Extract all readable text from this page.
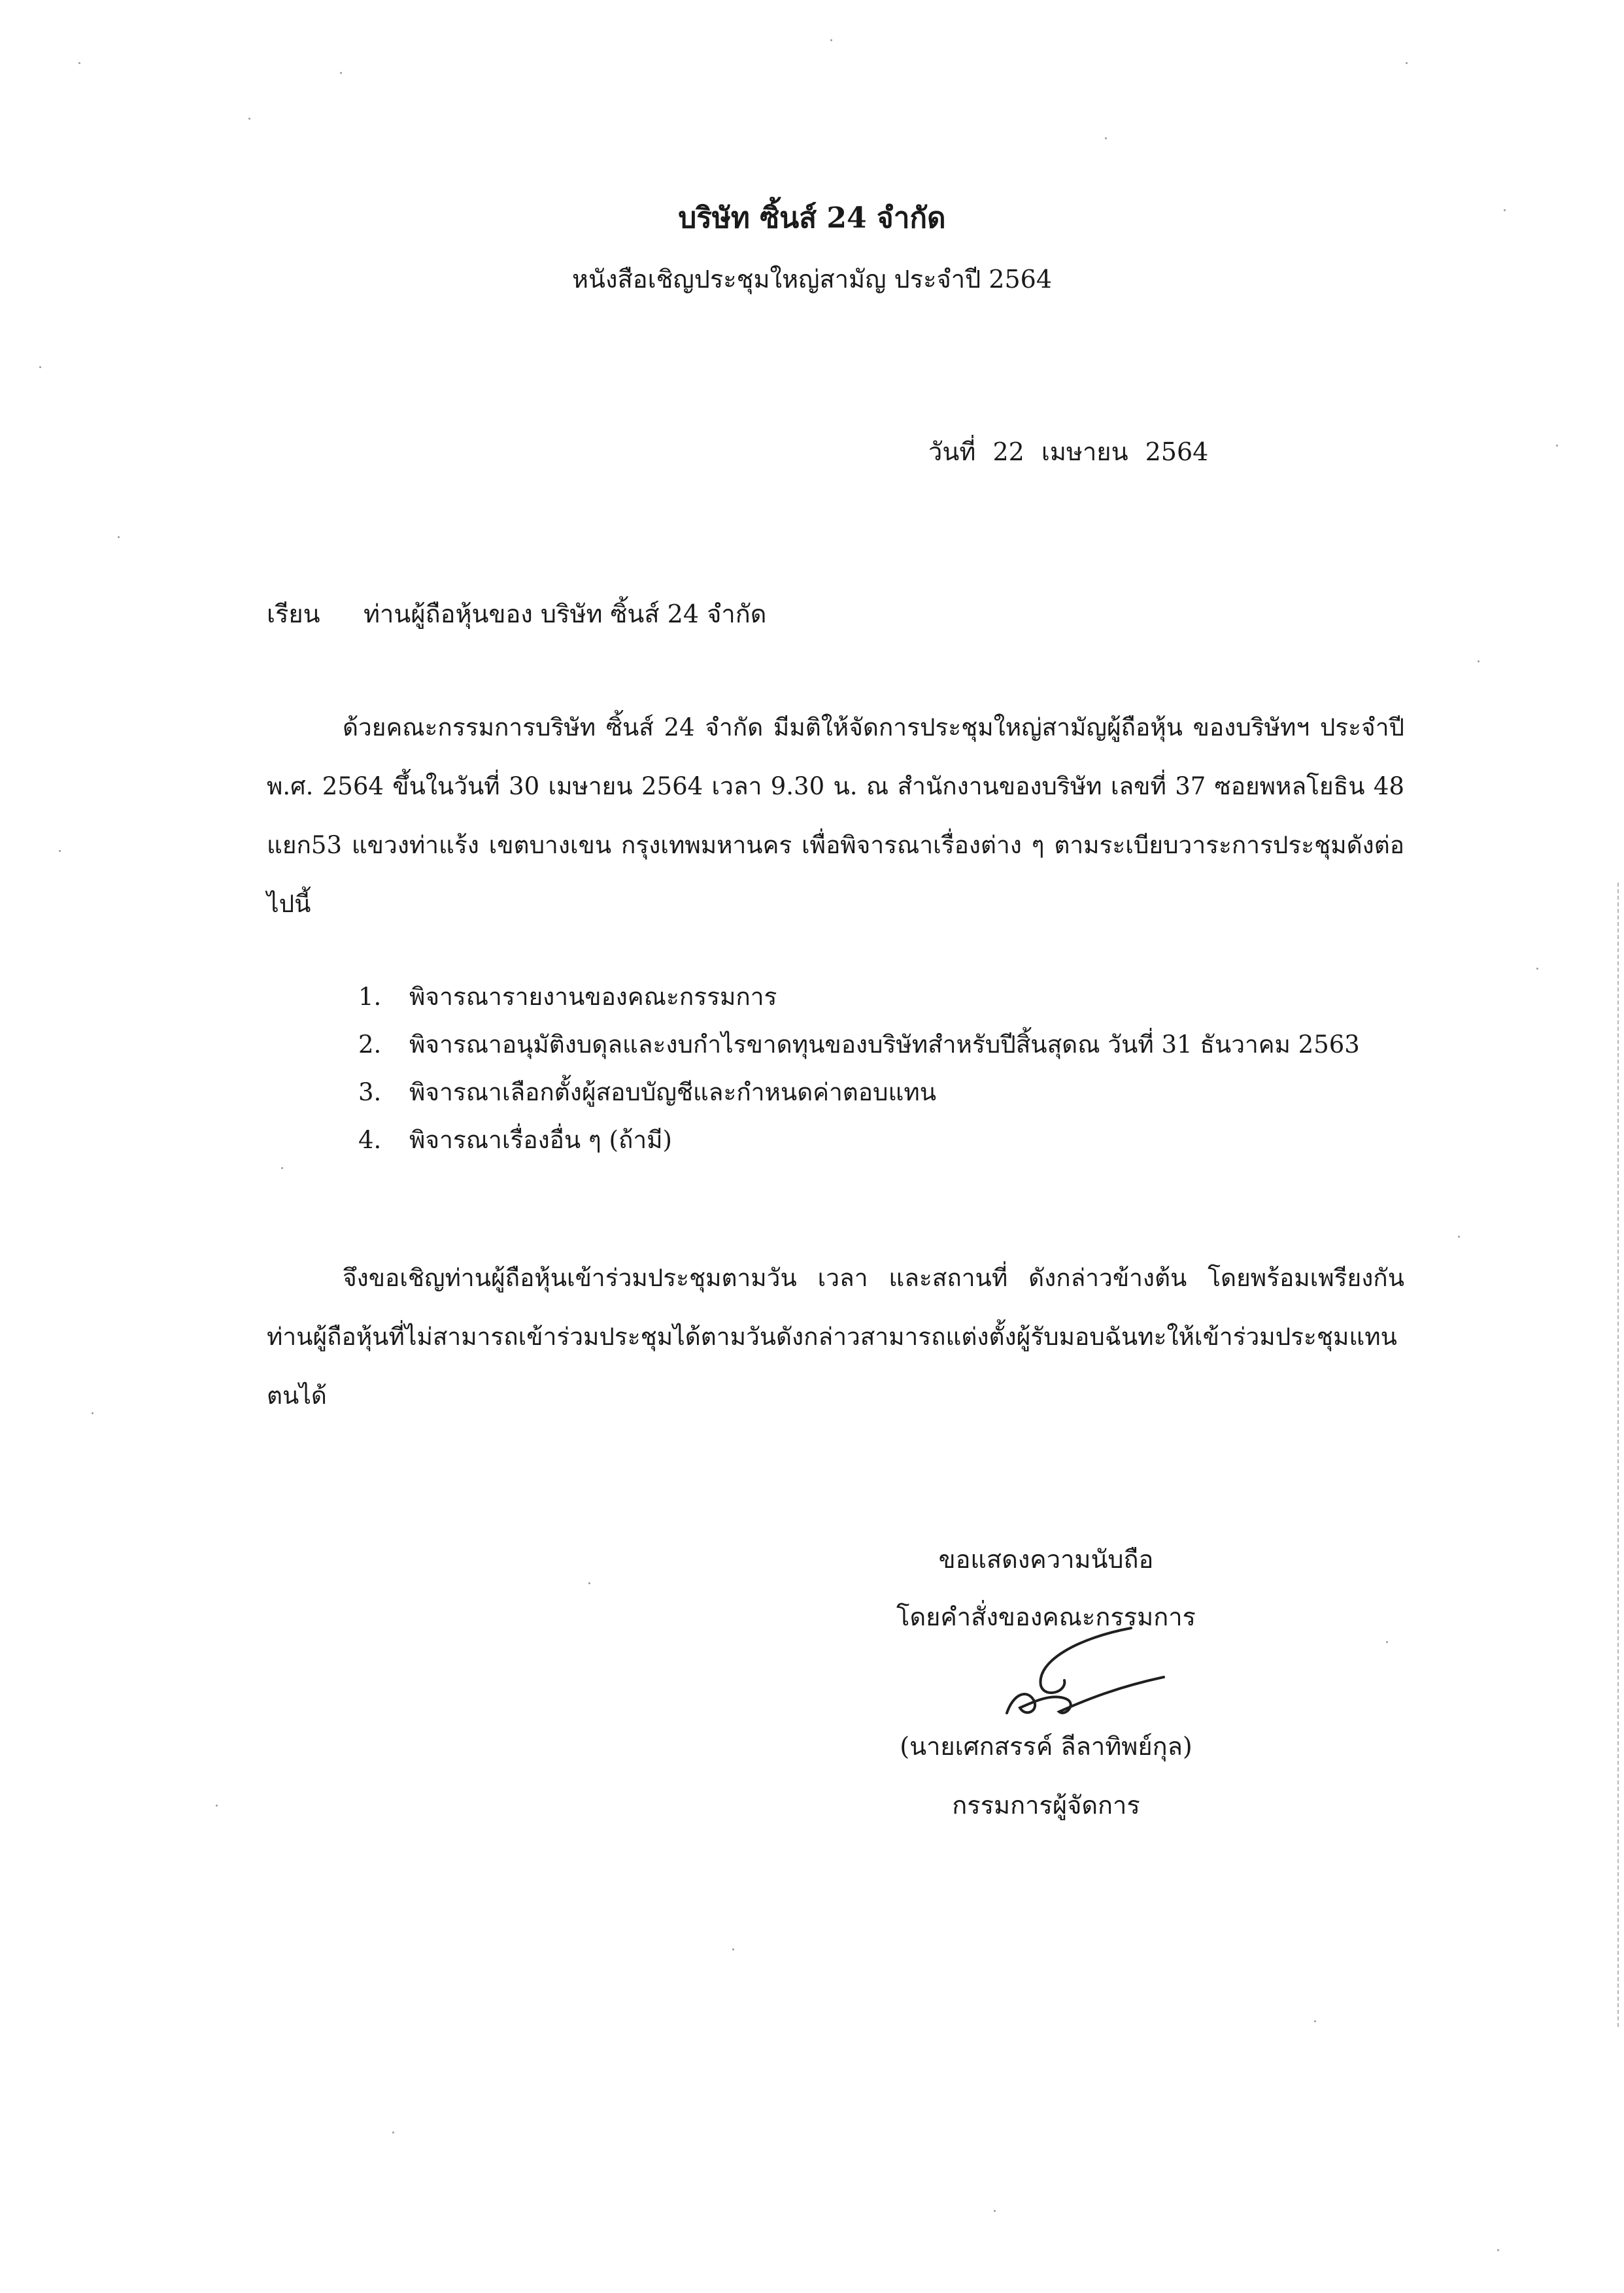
บริษัท ซิ้นส์ 24 จำกัด
หนังสือเชิญประชุมใหญ่สามัญ ประจำปี 2564
วันที่ 22 เมษายน 2564
เรียน ท่านผู้ถือหุ้นของ บริษัท ซิ้นส์ 24 จำกัด
ด้วยคณะกรรมการบริษัท ซิ้นส์ 24 จำกัด มีมติให้จัดการประชุมใหญ่สามัญผู้ถือหุ้น ของบริษัทฯ ประจำปี พ.ศ. 2564 ขึ้นในวันที่ 30 เมษายน 2564 เวลา 9.30 น. ณ สำนักงานของบริษัท เลขที่ 37 ซอยพหลโยธิน 48 แยก53 แขวงท่าแร้ง เขตบางเขน กรุงเทพมหานคร เพื่อพิจารณาเรื่องต่าง ๆ ตามระเบียบวาระการประชุมดังต่อไปนี้
1. พิจารณารายงานของคณะกรรมการ
2. พิจารณาอนุมัติงบดุลและงบกำไรขาดทุนของบริษัทสำหรับปีสิ้นสุดณ วันที่ 31 ธันวาคม 2563
3. พิจารณาเลือกตั้งผู้สอบบัญชีและกำหนดค่าตอบแทน
4. พิจารณาเรื่องอื่น ๆ (ถ้ามี)
จึงขอเชิญท่านผู้ถือหุ้นเข้าร่วมประชุมตามวัน เวลา และสถานที่ ดังกล่าวข้างต้น โดยพร้อมเพรียงกัน ท่านผู้ถือหุ้นที่ไม่สามารถเข้าร่วมประชุมได้ตามวันดังกล่าวสามารถแต่งตั้งผู้รับมอบฉันทะให้เข้าร่วมประชุมแทนตนได้
ขอแสดงความนับถือ
โดยคำสั่งของคณะกรรมการ
(นายเศกสรรค์ ลีลาทิพย์กุล)
กรรมการผู้จัดการ
